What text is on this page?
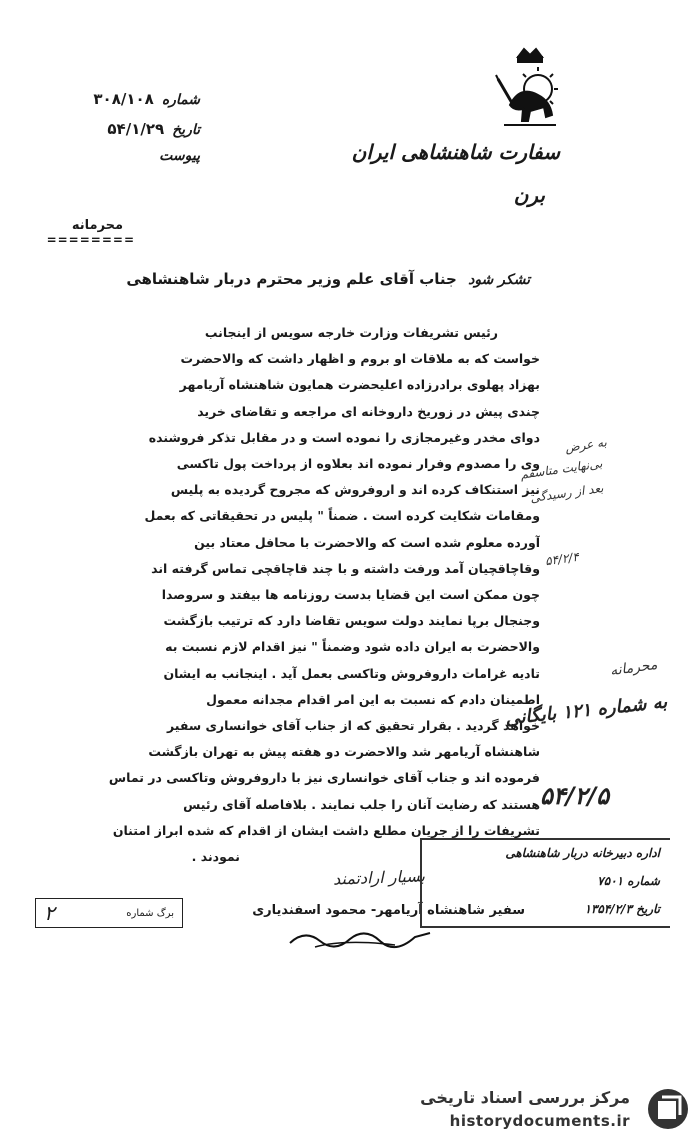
سفارت شاهنشاهی ایران
برن
شماره
۳۰۸/۱۰۸
تاریخ
۵۴/۱/۲۹
پیوست
محرمانه
========
تشکر شود جناب آقای علم وزیر محترم دربار شاهنشاهی
رئیس تشریفات وزارت خارجه سویس از اینجانب
خواست که به ملاقات او بروم و اظهار داشت که والاحضرت
بهزاد پهلوی برادرزاده اعلیحضرت همایون شاهنشاه آریامهر
چندی پیش در زوریخ داروخانه ای مراجعه و تقاضای خرید
دوای مخدر وغیرمجازی را نموده است و در مقابل تذکر فروشنده
وی را مصدوم وفرار نموده اند بعلاوه از پرداخت پول تاکسی
نیز استنکاف کرده اند و اروفروش که مجروح گردیده به پلیس
ومقامات شکایت کرده است . ضمناً " پلیس در تحقیقاتی که بعمل
آورده معلوم شده است که والاحضرت با محافل معتاد بین
وقاچاقچیان آمد ورفت داشته و با چند قاچاقچی تماس گرفته اند
چون ممکن است این قضایا بدست روزنامه ها بیفتد و سروصدا
وجنجال برپا نمایند دولت سویس تقاضا دارد که ترتیب بازگشت
والاحضرت به ایران داده شود وضمناً " نیز اقدام لازم نسبت به
تادیه غرامات داروفروش وتاکسی بعمل آید . اینجانب به ایشان
اطمینان دادم که نسبت به این امر اقدام مجدانه معمول
خواهد گردید . بقرار تحقیق که از جناب آقای خوانساری سفیر
شاهنشاه آریامهر شد والاحضرت دو هفته پیش به تهران بازگشت
فرموده اند و جناب آقای خوانساری نیز با داروفروش وتاکسی در تماس
هستند که رضایت آنان را جلب نمایند . بلافاصله آقای رئیس
تشریفات را از جریان مطلع داشت ایشان از اقدام که شده ابراز امتنان
نمودند .
بسیار ارادتمند
سفیر شاهنشاه آریامهر- محمود اسفندیاری
۲	برگ شماره
به عرض
بی‌نهایت متاسفم
بعد از رسیدگی
۵۴/۲/۴
محرمانه
به شماره ۱۲۱ بایگانی
۵۴/۲/۵
اداره دبیرخانه دربار شاهنشاهی
شماره ۷۵۰۱
تاریخ ۱۳۵۴/۲/۳
مرکز بررسی اسناد تاریخی
historydocuments.ir
